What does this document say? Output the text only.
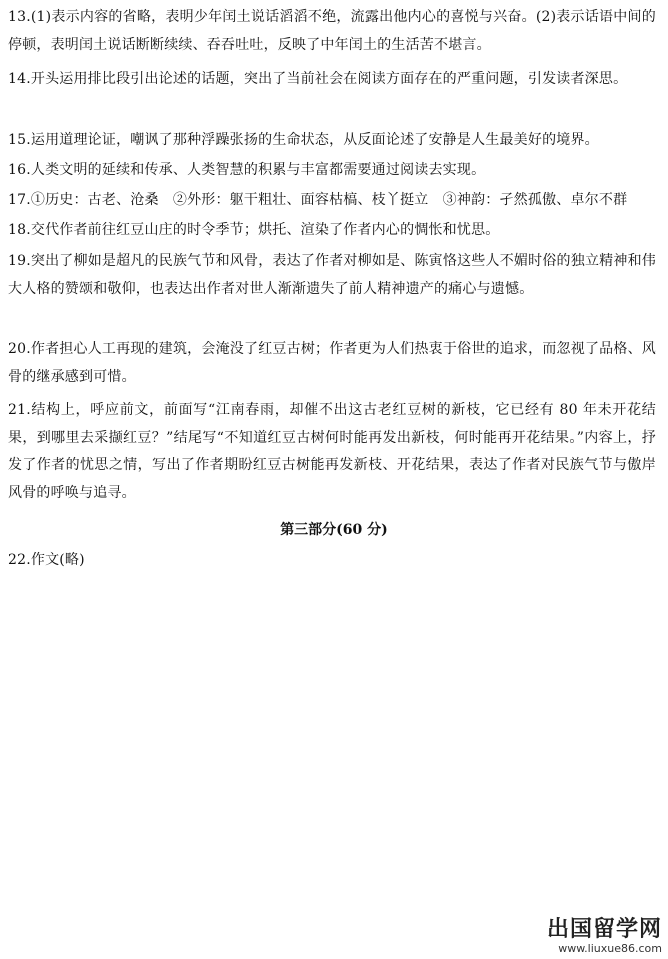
13.(1)表示内容的省略，表明少年闰土说话滔滔不绝，流露出他内心的喜悦与兴奋。(2)表示话语中间的停顿，表明闰土说话断断续续、吞吞吐吐，反映了中年闰土的生活苦不堪言。
14.开头运用排比段引出论述的话题，突出了当前社会在阅读方面存在的严重问题，引发读者深思。
15.运用道理论证，嘲讽了那种浮躁张扬的生命状态，从反面论述了安静是人生最美好的境界。
16.人类文明的延续和传承、人类智慧的积累与丰富都需要通过阅读去实现。
17.①历史：古老、沧桑　②外形：躯干粗壮、面容枯槁、枝丫挺立　③神韵：孑然孤傲、卓尔不群
18.交代作者前往红豆山庄的时令季节；烘托、渲染了作者内心的惆怅和忧思。
19.突出了柳如是超凡的民族气节和风骨，表达了作者对柳如是、陈寅恪这些人不媚时俗的独立精神和伟大人格的赞颂和敬仰，也表达出作者对世人渐渐遗失了前人精神遗产的痛心与遗憾。
20.作者担心人工再现的建筑，会淹没了红豆古树；作者更为人们热衷于俗世的追求，而忽视了品格、风骨的继承感到可惜。
21.结构上，呼应前文，前面写“江南春雨，却催不出这古老红豆树的新枝，它已经有 80 年未开花结果，到哪里去采撷红豆？”结尾写“不知道红豆古树何时能再发出新枝，何时能再开花结果。”内容上，抒发了作者的忧思之情，写出了作者期盼红豆古树能再发新枝、开花结果，表达了作者对民族气节与傲岸风骨的呼唤与追寻。
第三部分(60 分)
22.作文(略)
出国留学网
www.liuxue86.com
